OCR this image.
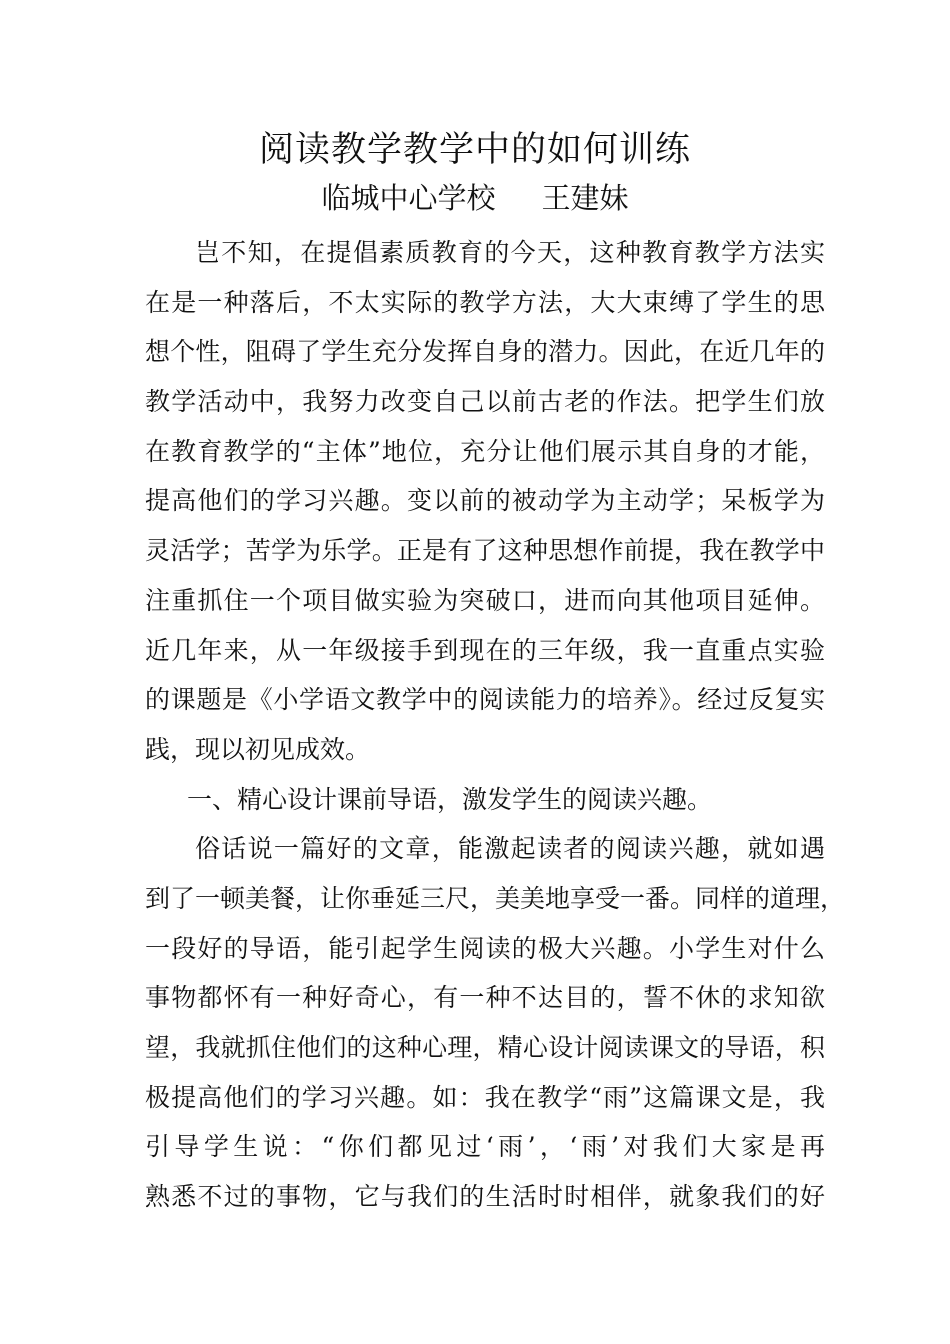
阅读教学教学中的如何训练
临城中心学校     王建妹
岂不知，在提倡素质教育的今天，这种教育教学方法实
在是一种落后，不太实际的教学方法，大大束缚了学生的思
想个性，阻碍了学生充分发挥自身的潜力。因此，在近几年的
教学活动中，我努力改变自己以前古老的作法。把学生们放
在教育教学的“主体”地位，充分让他们展示其自身的才能，
提高他们的学习兴趣。变以前的被动学为主动学；呆板学为
灵活学；苦学为乐学。正是有了这种思想作前提，我在教学中
注重抓住一个项目做实验为突破口，进而向其他项目延伸。
近几年来，从一年级接手到现在的三年级，我一直重点实验
的课题是《小学语文教学中的阅读能力的培养》。经过反复实
践，现以初见成效。
一、精心设计课前导语，激发学生的阅读兴趣。
俗话说一篇好的文章，能激起读者的阅读兴趣，就如遇
到了一顿美餐，让你垂延三尺，美美地享受一番。同样的道理，
一段好的导语，能引起学生阅读的极大兴趣。小学生对什么
事物都怀有一种好奇心，有一种不达目的，誓不休的求知欲
望，我就抓住他们的这种心理，精心设计阅读课文的导语，积
极提高他们的学习兴趣。如：我在教学“雨”这篇课文是，我
引导学生说：“你们都见过‘雨’，‘雨’对我们大家是再
熟悉不过的事物，它与我们的生活时时相伴，就象我们的好
